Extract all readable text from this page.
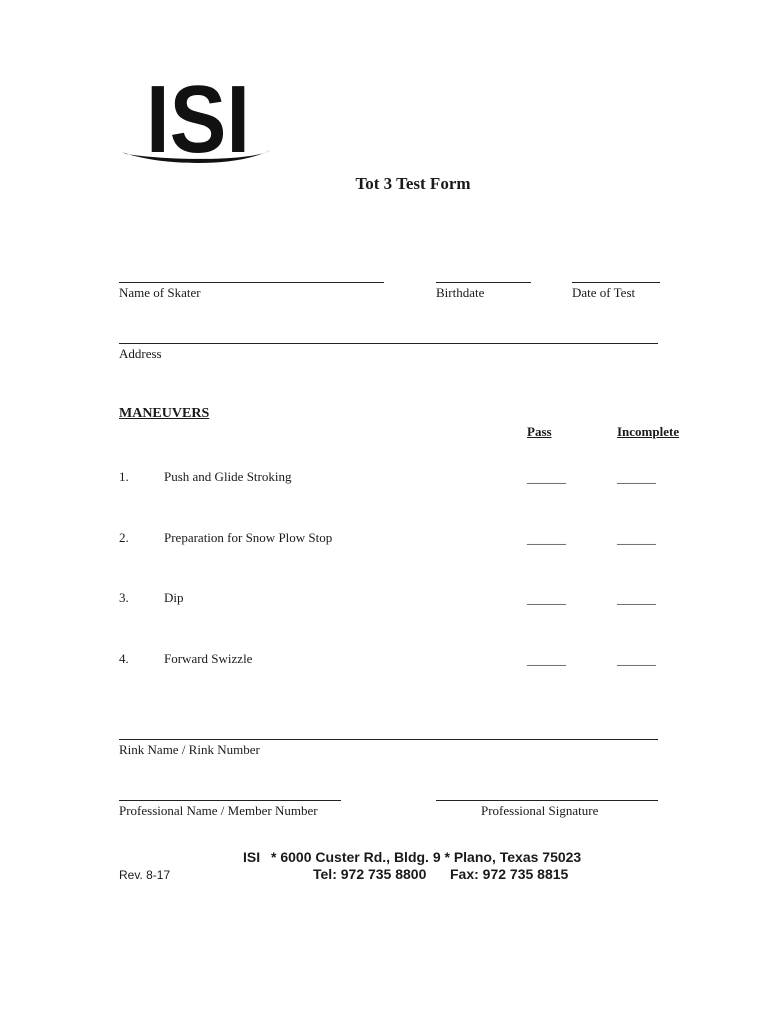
ISI
Tot 3 Test Form
Name of Skater	Birthdate	Date of Test
Address
MANEUVERS
Pass	Incomplete
1.	Push and Glide Stroking	______	______
2.	Preparation for Snow Plow Stop	______	______
3.	Dip	______	______
4.	Forward Swizzle	______	______
Rink Name / Rink Number
Professional Name / Member Number	Professional Signature
ISI * 6000 Custer Rd., Bldg. 9 * Plano, Texas 75023
Tel: 972 735 8800 Fax: 972 735 8815
Rev. 8-17
